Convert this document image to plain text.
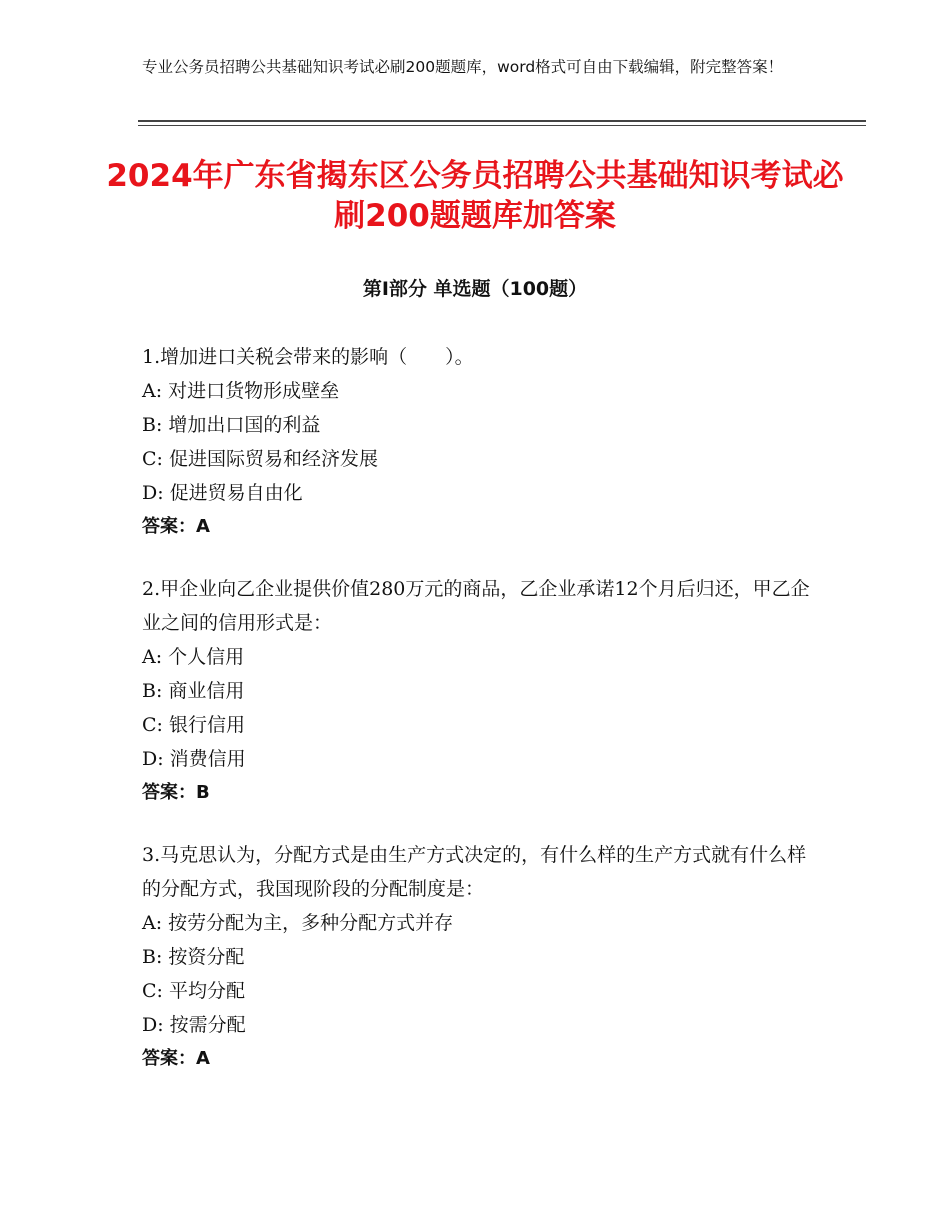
专业公务员招聘公共基础知识考试必刷200题题库，word格式可自由下载编辑，附完整答案！
2024年广东省揭东区公务员招聘公共基础知识考试必刷200题题库加答案
第Ⅰ部分 单选题（100题）
1.增加进口关税会带来的影响（　　）。
A: 对进口货物形成壁垒
B: 增加出口国的利益
C: 促进国际贸易和经济发展
D: 促进贸易自由化
答案：A
2.甲企业向乙企业提供价值280万元的商品，乙企业承诺12个月后归还，甲乙企业之间的信用形式是：
A: 个人信用
B: 商业信用
C: 银行信用
D: 消费信用
答案：B
3.马克思认为，分配方式是由生产方式决定的，有什么样的生产方式就有什么样的分配方式，我国现阶段的分配制度是：
A: 按劳分配为主，多种分配方式并存
B: 按资分配
C: 平均分配
D: 按需分配
答案：A
